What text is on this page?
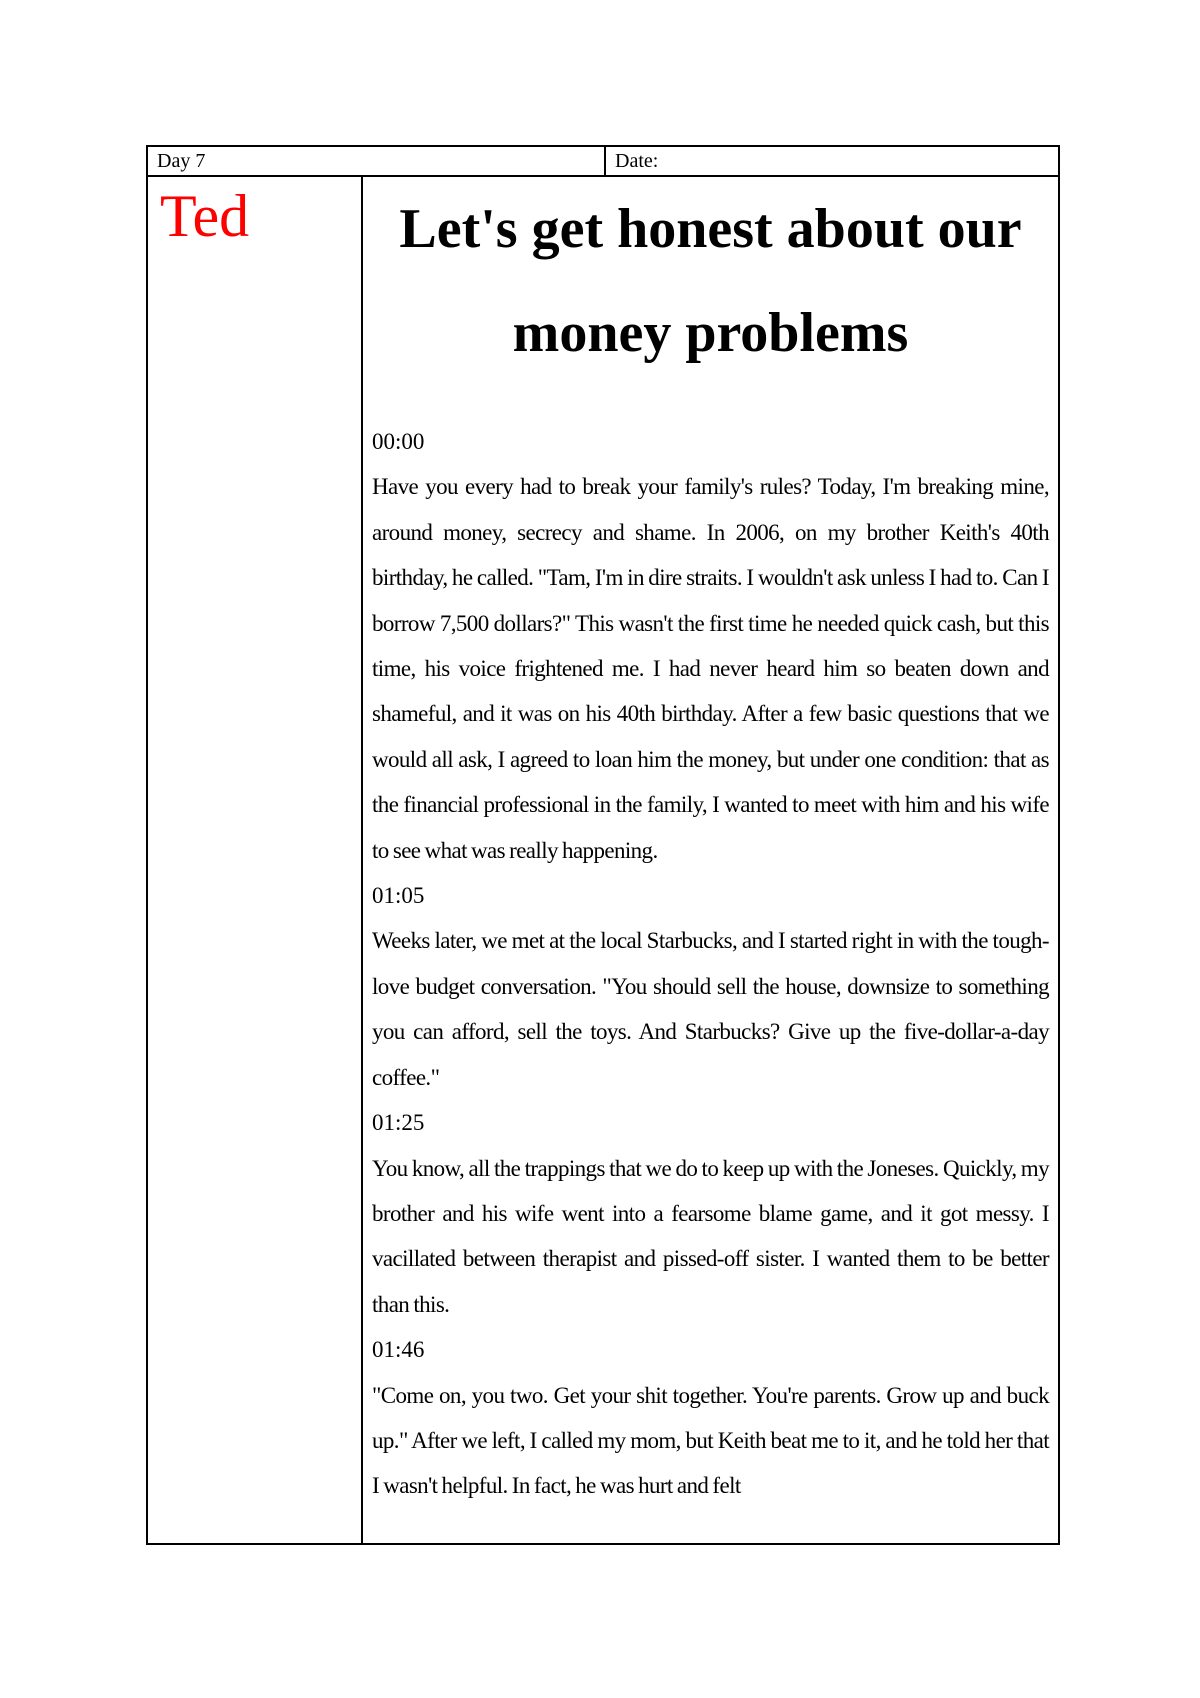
Day 7	Date:
Ted	Let's get honest about our money problems
00:00
Have you every had to break your family's rules? Today, I'm breaking mine, around money, secrecy and shame. In 2006, on my brother Keith's 40th birthday, he called. "Tam, I'm in dire straits. I wouldn't ask unless I had to. Can I borrow 7,500 dollars?" This wasn't the first time he needed quick cash, but this time, his voice frightened me. I had never heard him so beaten down and shameful, and it was on his 40th birthday. After a few basic questions that we would all ask, I agreed to loan him the money, but under one condition: that as the financial professional in the family, I wanted to meet with him and his wife to see what was really happening.
01:05
Weeks later, we met at the local Starbucks, and I started right in with the tough-love budget conversation. "You should sell the house, downsize to something you can afford, sell the toys. And Starbucks? Give up the five-dollar-a-day coffee."
01:25
You know, all the trappings that we do to keep up with the Joneses. Quickly, my brother and his wife went into a fearsome blame game, and it got messy. I vacillated between therapist and pissed-off sister. I wanted them to be better than this.
01:46
"Come on, you two. Get your shit together. You're parents. Grow up and buck up." After we left, I called my mom, but Keith beat me to it, and he told her that I wasn't helpful. In fact, he was hurt and felt
